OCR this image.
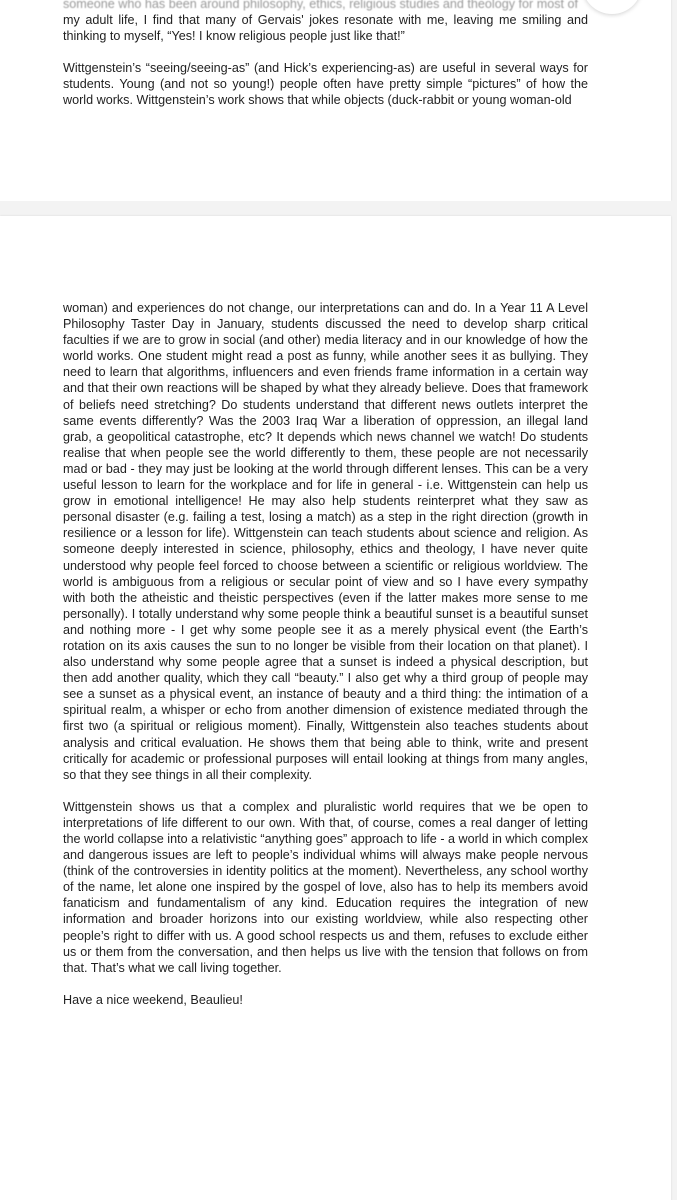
someone who has been around philosophy, ethics, religious studies and theology for most of

my adult life, I find that many of Gervais' jokes resonate with me, leaving me smiling and thinking to myself, “Yes! I know religious people just like that!”

Wittgenstein’s “seeing/seeing-as” (and Hick’s experiencing-as) are useful in several ways for students. Young (and not so young!) people often have pretty simple “pictures” of how the world works. Wittgenstein’s work shows that while objects (duck-rabbit or young woman-old

woman) and experiences do not change, our interpretations can and do. In a Year 11 A Level Philosophy Taster Day in January, students discussed the need to develop sharp critical faculties if we are to grow in social (and other) media literacy and in our knowledge of how the world works. One student might read a post as funny, while another sees it as bullying. They need to learn that algorithms, influencers and even friends frame information in a certain way and that their own reactions will be shaped by what they already believe. Does that framework of beliefs need stretching? Do students understand that different news outlets interpret the same events differently? Was the 2003 Iraq War a liberation of oppression, an illegal land grab, a geopolitical catastrophe, etc? It depends which news channel we watch! Do students realise that when people see the world differently to them, these people are not necessarily mad or bad - they may just be looking at the world through different lenses. This can be a very useful lesson to learn for the workplace and for life in general - i.e. Wittgenstein can help us grow in emotional intelligence! He may also help students reinterpret what they saw as personal disaster (e.g. failing a test, losing a match) as a step in the right direction (growth in resilience or a lesson for life). Wittgenstein can teach students about science and religion. As someone deeply interested in science, philosophy, ethics and theology, I have never quite understood why people feel forced to choose between a scientific or religious worldview. The world is ambiguous from a religious or secular point of view and so I have every sympathy with both the atheistic and theistic perspectives (even if the latter makes more sense to me personally). I totally understand why some people think a beautiful sunset is a beautiful sunset and nothing more - I get why some people see it as a merely physical event (the Earth’s rotation on its axis causes the sun to no longer be visible from their location on that planet). I also understand why some people agree that a sunset is indeed a physical description, but then add another quality, which they call “beauty.” I also get why a third group of people may see a sunset as a physical event, an instance of beauty and a third thing: the intimation of a spiritual realm, a whisper or echo from another dimension of existence mediated through the first two (a spiritual or religious moment). Finally, Wittgenstein also teaches students about analysis and critical evaluation. He shows them that being able to think, write and present critically for academic or professional purposes will entail looking at things from many angles, so that they see things in all their complexity.

Wittgenstein shows us that a complex and pluralistic world requires that we be open to interpretations of life different to our own. With that, of course, comes a real danger of letting the world collapse into a relativistic “anything goes” approach to life - a world in which complex and dangerous issues are left to people’s individual whims will always make people nervous (think of the controversies in identity politics at the moment). Nevertheless, any school worthy of the name, let alone one inspired by the gospel of love, also has to help its members avoid fanaticism and fundamentalism of any kind. Education requires the integration of new information and broader horizons into our existing worldview, while also respecting other people’s right to differ with us. A good school respects us and them, refuses to exclude either us or them from the conversation, and then helps us live with the tension that follows on from that. That’s what we call living together.

Have a nice weekend, Beaulieu!
